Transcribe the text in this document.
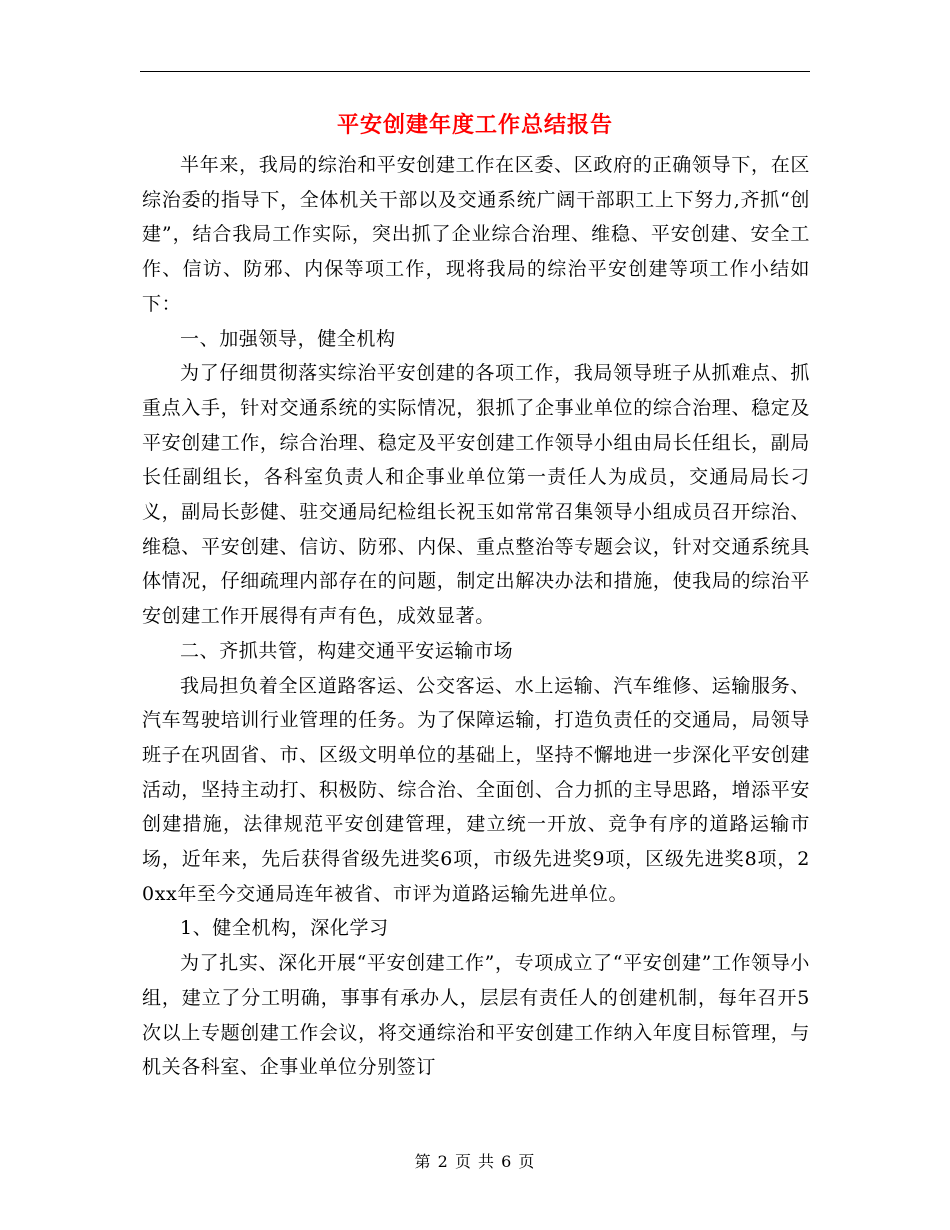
平安创建年度工作总结报告

半年来，我局的综治和平安创建工作在区委、区政府的正确领导下，在区综治委的指导下，全体机关干部以及交通系统广阔干部职工上下努力,齐抓“创建”，结合我局工作实际，突出抓了企业综合治理、维稳、平安创建、安全工作、信访、防邪、内保等项工作，现将我局的综治平安创建等项工作小结如下：

一、加强领导，健全机构

为了仔细贯彻落实综治平安创建的各项工作，我局领导班子从抓难点、抓重点入手，针对交通系统的实际情况，狠抓了企事业单位的综合治理、稳定及平安创建工作，综合治理、稳定及平安创建工作领导小组由局长任组长，副局长任副组长，各科室负责人和企事业单位第一责任人为成员，交通局局长刁义，副局长彭健、驻交通局纪检组长祝玉如常常召集领导小组成员召开综治、维稳、平安创建、信访、防邪、内保、重点整治等专题会议，针对交通系统具体情况，仔细疏理内部存在的问题，制定出解决办法和措施，使我局的综治平安创建工作开展得有声有色，成效显著。

二、齐抓共管，构建交通平安运输市场

我局担负着全区道路客运、公交客运、水上运输、汽车维修、运输服务、汽车驾驶培训行业管理的任务。为了保障运输，打造负责任的交通局，局领导班子在巩固省、市、区级文明单位的基础上，坚持不懈地进一步深化平安创建活动，坚持主动打、积极防、综合治、全面创、合力抓的主导思路，增添平安创建措施，法律规范平安创建管理，建立统一开放、竞争有序的道路运输市场，近年来，先后获得省级先进奖6项，市级先进奖9项，区级先进奖8项，20xx年至今交通局连年被省、市评为道路运输先进单位。

1、健全机构，深化学习

为了扎实、深化开展“平安创建工作”，专项成立了“平安创建”工作领导小组，建立了分工明确，事事有承办人，层层有责任人的创建机制，每年召开5次以上专题创建工作会议，将交通综治和平安创建工作纳入年度目标管理，与机关各科室、企事业单位分别签订

第 2 页 共 6 页
